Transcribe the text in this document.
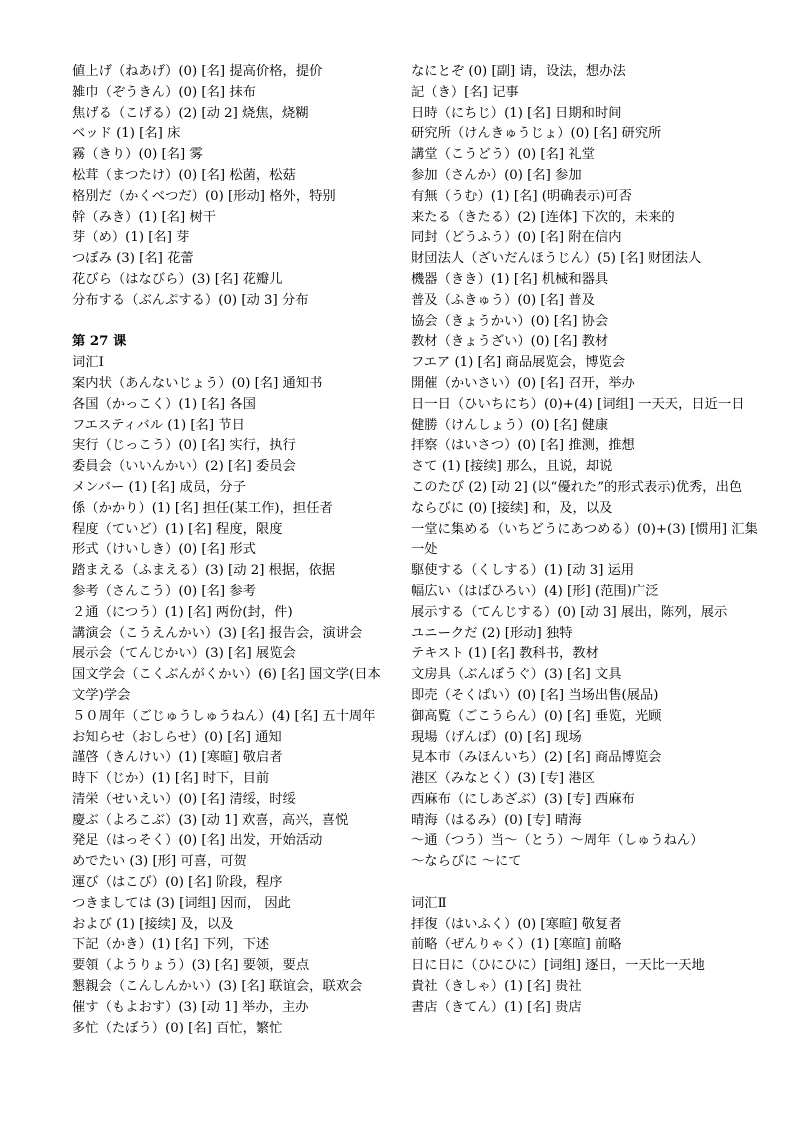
値上げ（ねあげ）(0) [名] 提高价格，提价
雑巾（ぞうきん）(0) [名] 抹布
焦げる（こげる）(2) [动 2] 烧焦，烧糊
ベッド (1) [名] 床
霧（きり）(0) [名] 雾
松茸（まつたけ）(0) [名] 松菌，松菇
格別だ（かくべつだ）(0) [形动] 格外，特别
幹（みき）(1) [名] 树干
芽（め）(1) [名] 芽
つぼみ (3) [名] 花蕾
花びら（はなびら）(3) [名] 花瓣儿
分布する（ぶんぷする）(0) [动 3] 分布
第 27 课
词汇Ⅰ
案内状（あんないじょう）(0) [名] 通知书
各国（かっこく）(1) [名] 各国
フエスティバル (1) [名] 节日
実行（じっこう）(0) [名] 实行，执行
委員会（いいんかい）(2) [名] 委员会
メンバー (1) [名] 成员，分子
係（かかり）(1) [名] 担任(某工作)，担任者
程度（ていど）(1) [名] 程度，限度
形式（けいしき）(0) [名] 形式
踏まえる（ふまえる）(3) [动 2] 根据，依据
参考（さんこう）(0) [名] 参考
２通（につう）(1) [名] 两份(封，件)
講演会（こうえんかい）(3) [名] 报告会，演讲会
展示会（てんじかい）(3) [名] 展览会
国文学会（こくぶんがくかい）(6) [名] 国文学(日本文学)学会
５０周年（ごじゅうしゅうねん）(4) [名] 五十周年
お知らせ（おしらせ）(0) [名] 通知
謹啓（きんけい）(1) [寒暄] 敬启者
時下（じか）(1) [名] 时下，目前
清栄（せいえい）(0) [名] 清绥，时绥
慶ぶ（よろこぶ）(3) [动 1] 欢喜，高兴，喜悦
発足（はっそく）(0) [名] 出发，开始活动
めでたい (3) [形] 可喜，可贺
運び（はこび）(0) [名] 阶段，程序
つきましては (3) [词组] 因而， 因此
および (1) [接续] 及，以及
下記（かき）(1) [名] 下列，下述
要領（ようりょう）(3) [名] 要领，要点
懇親会（こんしんかい）(3) [名] 联谊会，联欢会
催す（もよおす）(3) [动 1] 举办，主办
多忙（たぼう）(0) [名] 百忙，繁忙
なにとぞ (0) [副] 请，设法，想办法
記（き）[名] 记事
日時（にちじ）(1) [名] 日期和时间
研究所（けんきゅうじょ）(0) [名] 研究所
講堂（こうどう）(0) [名] 礼堂
参加（さんか）(0) [名] 参加
有無（うむ）(1) [名] (明确表示)可否
来たる（きたる）(2) [连体] 下次的，未来的
同封（どうふう）(0) [名] 附在信内
財団法人（ざいだんほうじん）(5) [名] 财团法人
機器（きき）(1) [名] 机械和器具
普及（ふきゅう）(0) [名] 普及
協会（きょうかい）(0) [名] 协会
教材（きょうざい）(0) [名] 教材
フエア (1) [名] 商品展览会，博览会
開催（かいさい）(0) [名] 召开，举办
日一日（ひいちにち）(0)+(4) [词组] 一天天，日近一日
健勝（けんしょう）(0) [名] 健康
拝察（はいさつ）(0) [名] 推测，推想
さて (1) [接续] 那么，且说，却说
このたび (2) [动 2] (以“優れた”的形式表示)优秀，出色
ならびに (0) [接续] 和，及，以及
一堂に集める（いちどうにあつめる）(0)+(3) [惯用] 汇集一处
駆使する（くしする）(1) [动 3] 运用
幅広い（はばひろい）(4) [形] (范围)广泛
展示する（てんじする）(0) [动 3] 展出，陈列，展示
ユニークだ (2) [形动] 独特
テキスト (1) [名] 教科书，教材
文房具（ぶんぼうぐ）(3) [名] 文具
即売（そくばい）(0) [名] 当场出售(展品)
御高覧（ごこうらん）(0) [名] 垂览，光顾
現場（げんば）(0) [名] 现场
見本市（みほんいち）(2) [名] 商品博览会
港区（みなとく）(3) [专] 港区
西麻布（にしあざぶ）(3) [专] 西麻布
晴海（はるみ）(0) [专] 晴海
～通（つう）当～（とう）～周年（しゅうねん）
～ならびに ～にて
词汇Ⅱ
拝復（はいふく）(0) [寒暄] 敬复者
前略（ぜんりゃく）(1) [寒暄] 前略
日に日に（ひにひに）[词组] 逐日，一天比一天地
貴社（きしゃ）(1) [名] 贵社
書店（きてん）(1) [名] 贵店
